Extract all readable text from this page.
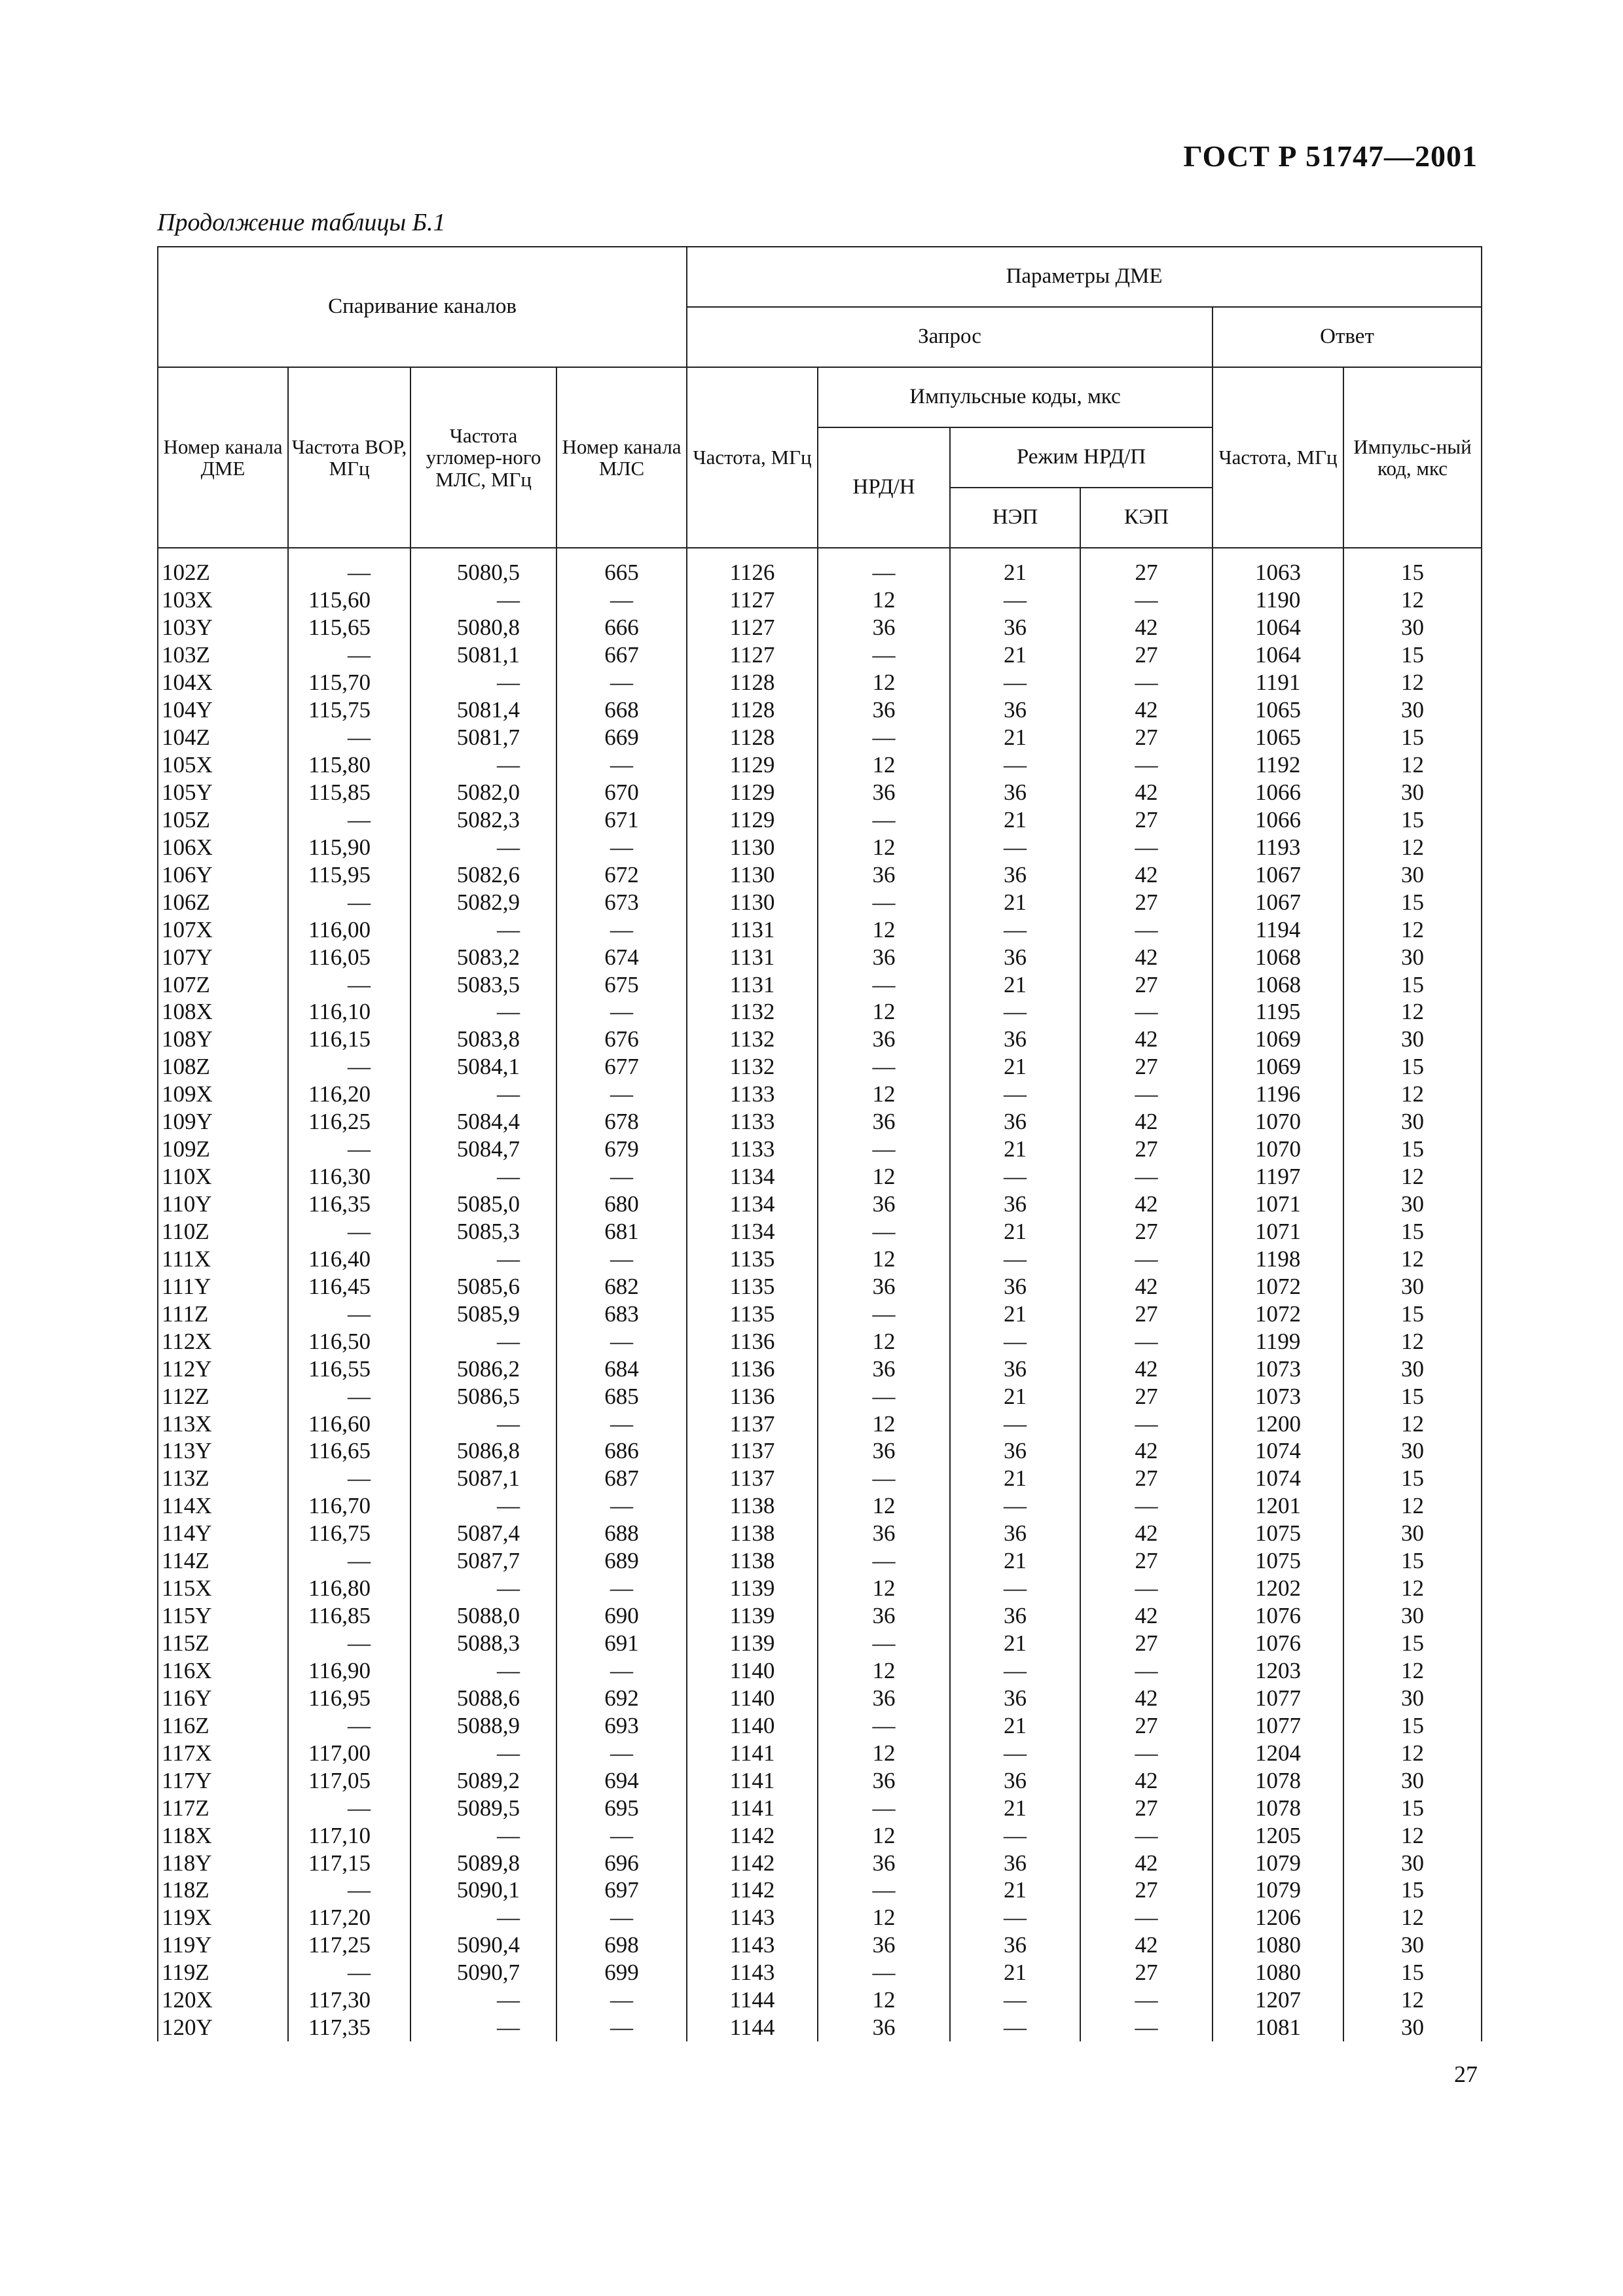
ГОСТ Р 51747—2001
Продолжение таблицы Б.1
Спаривание каналов				Параметры ДМЕ					
				Запрос				Ответ	
Номер канала ДМЕ	Частота ВОР, МГц	Частота угломер-ного МЛС, МГц	Номер канала МЛС	Частота, МГц	Импульсные коды, мкс			Частота, МГц	Импульс-ный код, мкс
					НРД/Н	Режим НРД/П			
						НЭП	КЭП		
102Z	—	5080,5	665	1126	—	21	27	1063	15
103X	115,60	—	—	1127	12	—	—	1190	12
103Y	115,65	5080,8	666	1127	36	36	42	1064	30
103Z	—	5081,1	667	1127	—	21	27	1064	15
104X	115,70	—	—	1128	12	—	—	1191	12
104Y	115,75	5081,4	668	1128	36	36	42	1065	30
104Z	—	5081,7	669	1128	—	21	27	1065	15
105X	115,80	—	—	1129	12	—	—	1192	12
105Y	115,85	5082,0	670	1129	36	36	42	1066	30
105Z	—	5082,3	671	1129	—	21	27	1066	15
106X	115,90	—	—	1130	12	—	—	1193	12
106Y	115,95	5082,6	672	1130	36	36	42	1067	30
106Z	—	5082,9	673	1130	—	21	27	1067	15
107X	116,00	—	—	1131	12	—	—	1194	12
107Y	116,05	5083,2	674	1131	36	36	42	1068	30
107Z	—	5083,5	675	1131	—	21	27	1068	15
108X	116,10	—	—	1132	12	—	—	1195	12
108Y	116,15	5083,8	676	1132	36	36	42	1069	30
108Z	—	5084,1	677	1132	—	21	27	1069	15
109X	116,20	—	—	1133	12	—	—	1196	12
109Y	116,25	5084,4	678	1133	36	36	42	1070	30
109Z	—	5084,7	679	1133	—	21	27	1070	15
110X	116,30	—	—	1134	12	—	—	1197	12
110Y	116,35	5085,0	680	1134	36	36	42	1071	30
110Z	—	5085,3	681	1134	—	21	27	1071	15
111X	116,40	—	—	1135	12	—	—	1198	12
111Y	116,45	5085,6	682	1135	36	36	42	1072	30
111Z	—	5085,9	683	1135	—	21	27	1072	15
112X	116,50	—	—	1136	12	—	—	1199	12
112Y	116,55	5086,2	684	1136	36	36	42	1073	30
112Z	—	5086,5	685	1136	—	21	27	1073	15
113X	116,60	—	—	1137	12	—	—	1200	12
113Y	116,65	5086,8	686	1137	36	36	42	1074	30
113Z	—	5087,1	687	1137	—	21	27	1074	15
114X	116,70	—	—	1138	12	—	—	1201	12
114Y	116,75	5087,4	688	1138	36	36	42	1075	30
114Z	—	5087,7	689	1138	—	21	27	1075	15
115X	116,80	—	—	1139	12	—	—	1202	12
115Y	116,85	5088,0	690	1139	36	36	42	1076	30
115Z	—	5088,3	691	1139	—	21	27	1076	15
116X	116,90	—	—	1140	12	—	—	1203	12
116Y	116,95	5088,6	692	1140	36	36	42	1077	30
116Z	—	5088,9	693	1140	—	21	27	1077	15
117X	117,00	—	—	1141	12	—	—	1204	12
117Y	117,05	5089,2	694	1141	36	36	42	1078	30
117Z	—	5089,5	695	1141	—	21	27	1078	15
118X	117,10	—	—	1142	12	—	—	1205	12
118Y	117,15	5089,8	696	1142	36	36	42	1079	30
118Z	—	5090,1	697	1142	—	21	27	1079	15
119X	117,20	—	—	1143	12	—	—	1206	12
119Y	117,25	5090,4	698	1143	36	36	42	1080	30
119Z	—	5090,7	699	1143	—	21	27	1080	15
120X	117,30	—	—	1144	12	—	—	1207	12
120Y	117,35	—	—	1144	36	—	—	1081	30
27
